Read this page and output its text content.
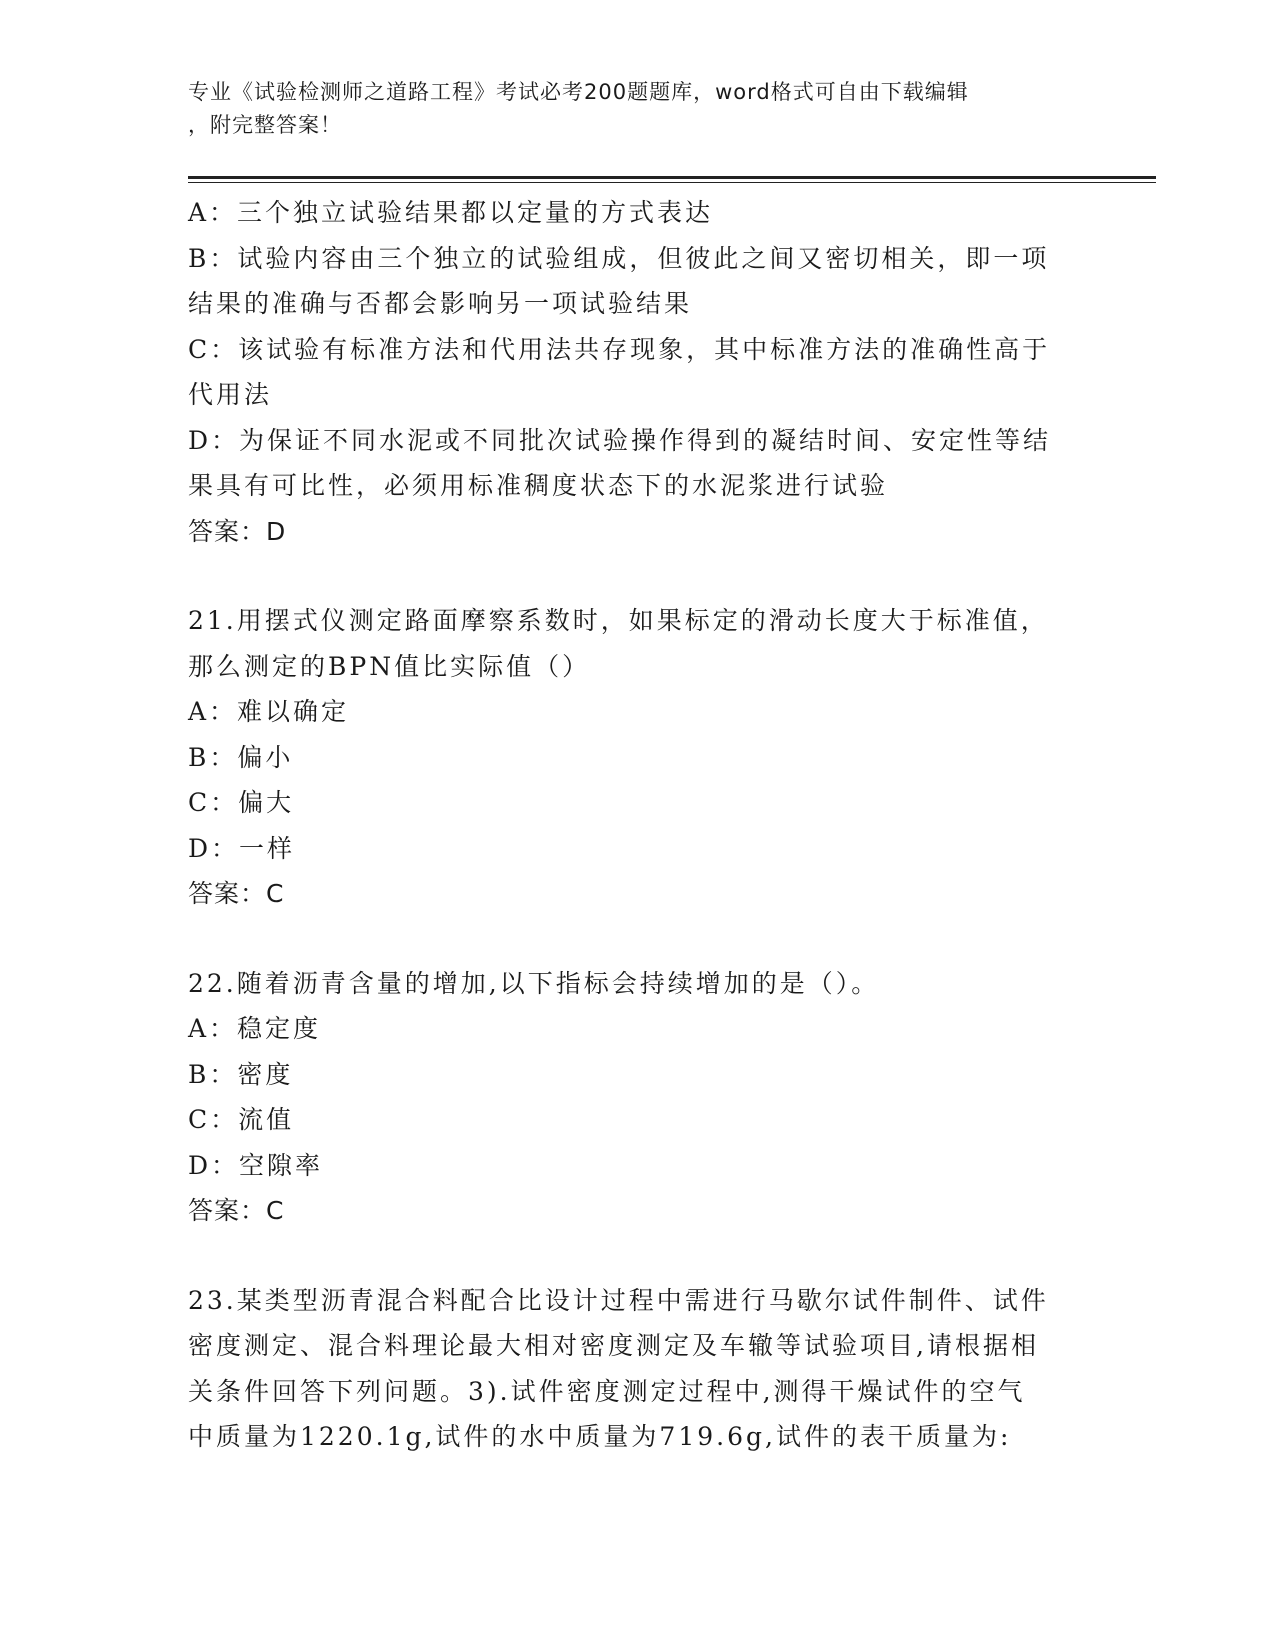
专业《试验检测师之道路工程》考试必考200题题库，word格式可自由下载编辑
，附完整答案！
A：三个独立试验结果都以定量的方式表达
B：试验内容由三个独立的试验组成，但彼此之间又密切相关，即一项
结果的准确与否都会影响另一项试验结果
C：该试验有标准方法和代用法共存现象，其中标准方法的准确性高于
代用法
D：为保证不同水泥或不同批次试验操作得到的凝结时间、安定性等结
果具有可比性，必须用标准稠度状态下的水泥浆进行试验
答案：D
21.用摆式仪测定路面摩察系数时，如果标定的滑动长度大于标准值，
那么测定的BPN值比实际值（）
A：难以确定
B：偏小
C：偏大
D：一样
答案：C
22.随着沥青含量的增加,以下指标会持续增加的是（）。
A：稳定度
B：密度
C：流值
D：空隙率
答案：C
23.某类型沥青混合料配合比设计过程中需进行马歇尔试件制件、试件
密度测定、混合料理论最大相对密度测定及车辙等试验项目,请根据相
关条件回答下列问题。3).试件密度测定过程中,测得干燥试件的空气
中质量为1220.1g,试件的水中质量为719.6g,试件的表干质量为:
